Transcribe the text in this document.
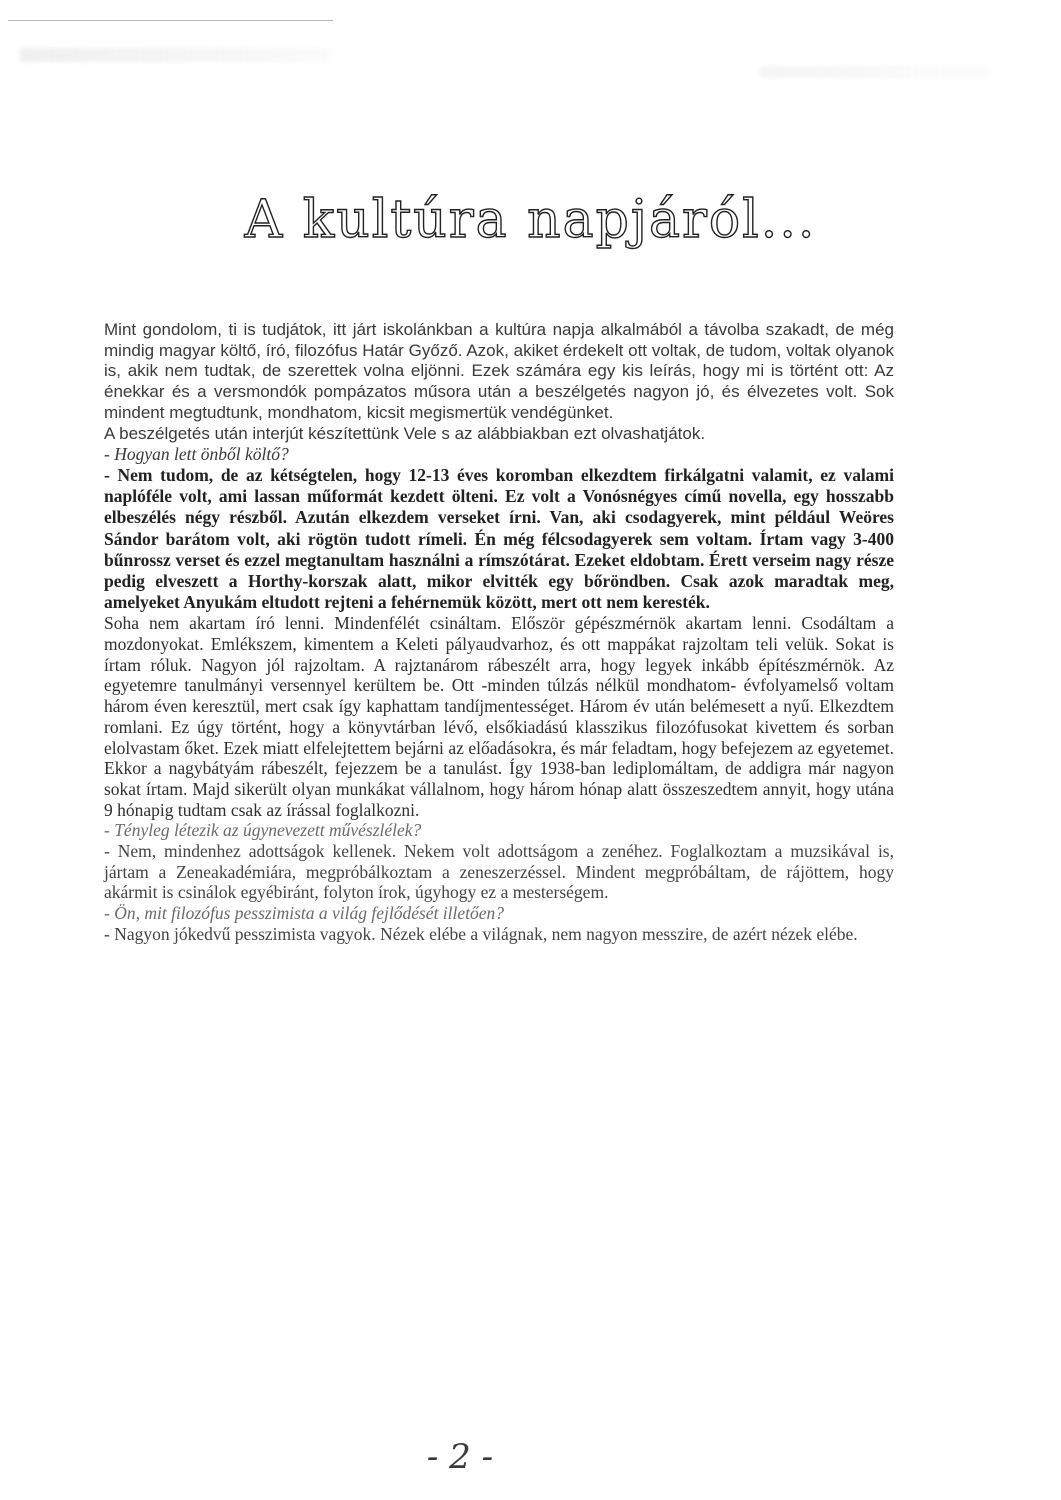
A kultúra napjáról...

Mint gondolom, ti is tudjátok, itt járt iskolánkban a kultúra napja alkalmából a távolba szakadt, de még mindig magyar költő, író, filozófus Határ Győző. Azok, akiket érdekelt ott voltak, de tudom, voltak olyanok is, akik nem tudtak, de szerettek volna eljönni. Ezek számára egy kis leírás, hogy mi is történt ott: Az énekkar és a versmondók pompázatos műsora után a beszélgetés nagyon jó, és élvezetes volt. Sok mindent megtudtunk, mondhatom, kicsit megismertük vendégünket.

A beszélgetés után interjút készítettünk Vele s az alábbiakban ezt olvashatjátok.

- Hogyan lett önből költő?

- Nem tudom, de az kétségtelen, hogy 12-13 éves koromban elkezdtem firkálgatni valamit, ez valami naplóféle volt, ami lassan műformát kezdett ölteni. Ez volt a Vonósnégyes című novella, egy hosszabb elbeszélés négy részből. Azután elkezdem verseket írni. Van, aki csodagyerek, mint például Weöres Sándor barátom volt, aki rögtön tudott rímeli. Én még félcsodagyerek sem voltam. Írtam vagy 3-400 bűnrossz verset és ezzel megtanultam használni a rímszótárat. Ezeket eldobtam. Érett verseim nagy része pedig elveszett a Horthy-korszak alatt, mikor elvitték egy bőröndben. Csak azok maradtak meg, amelyeket Anyukám eltudott rejteni a fehérnemük között, mert ott nem keresték.

Soha nem akartam író lenni. Mindenfélét csináltam. Először gépészmérnök akartam lenni. Csodáltam a mozdonyokat. Emlékszem, kimentem a Keleti pályaudvarhoz, és ott mappákat rajzoltam teli velük. Sokat is írtam róluk. Nagyon jól rajzoltam. A rajztanárom rábeszélt arra, hogy legyek inkább építészmérnök. Az egyetemre tanulmányi versennyel kerültem be. Ott -minden túlzás nélkül mondhatom- évfolyamelső voltam három éven keresztül, mert csak így kaphattam tandíjmentességet. Három év után belémesett a nyű. Elkezdtem romlani. Ez úgy történt, hogy a könyvtárban lévő, elsőkiadású klasszikus filozófusokat kivettem és sorban elolvastam őket. Ezek miatt elfelejtettem bejárni az előadásokra, és már feladtam, hogy befejezem az egyetemet. Ekkor a nagybátyám rábeszélt, fejezzem be a tanulást. Így 1938-ban lediplomáltam, de addigra már nagyon sokat írtam. Majd sikerült olyan munkákat vállalnom, hogy három hónap alatt összeszedtem annyit, hogy utána 9 hónapig tudtam csak az írással foglalkozni.

- Tényleg létezik az úgynevezett művészlélek?

- Nem, mindenhez adottságok kellenek. Nekem volt adottságom a zenéhez. Foglalkoztam a muzsikával is, jártam a Zeneakadémiára, megpróbálkoztam a zeneszerzéssel. Mindent megpróbáltam, de rájöttem, hogy akármit is csinálok egyébiránt, folyton írok, úgyhogy ez a mesterségem.

- Ön, mit filozófus pesszimista a világ fejlődését illetően?

- Nagyon jókedvű pesszimista vagyok. Nézek elébe a világnak, nem nagyon messzire, de azért nézek elébe.

- 2 -
